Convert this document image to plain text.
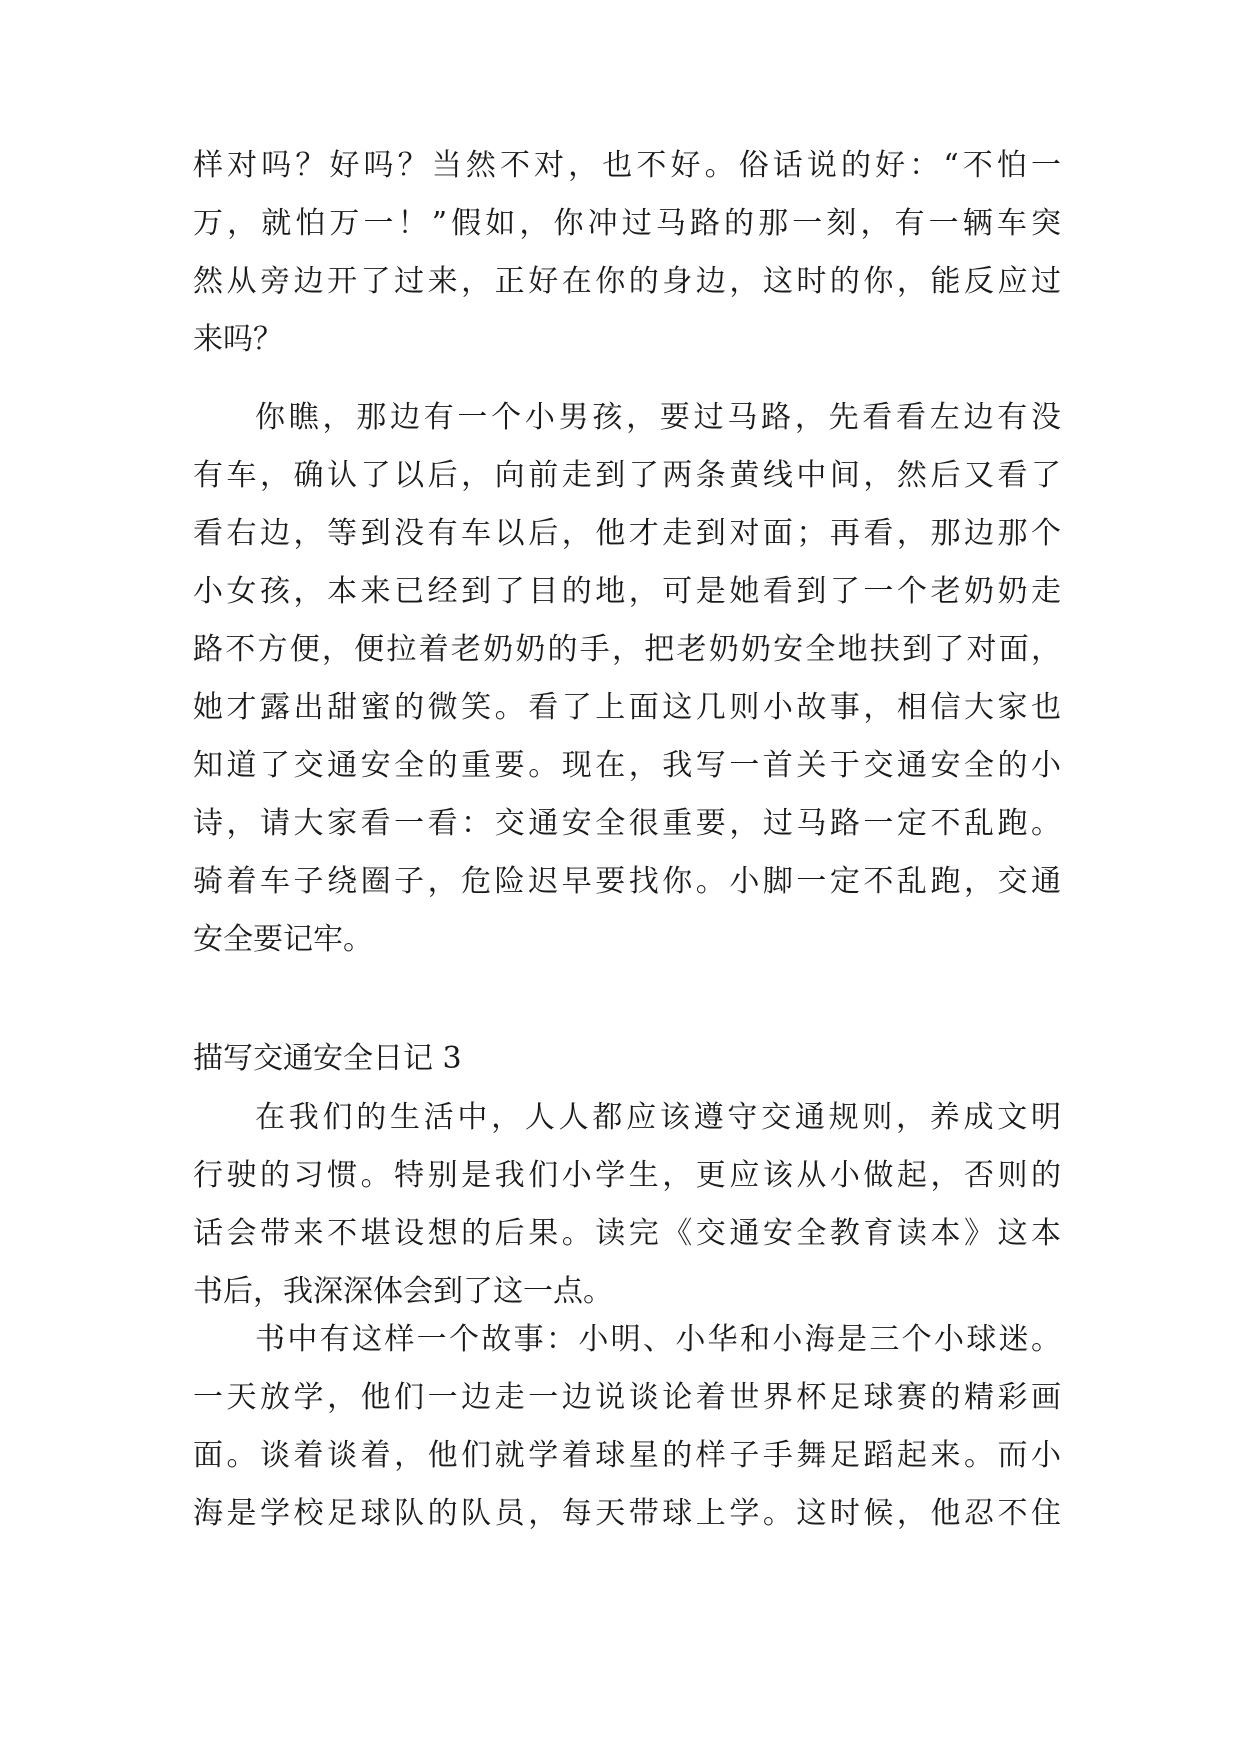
样对吗？好吗？当然不对，也不好。俗话说的好：“不怕一
万，就怕万一！”假如，你冲过马路的那一刻，有一辆车突
然从旁边开了过来，正好在你的身边，这时的你，能反应过
来吗？
你瞧，那边有一个小男孩，要过马路，先看看左边有没
有车，确认了以后，向前走到了两条黄线中间，然后又看了
看右边，等到没有车以后，他才走到对面；再看，那边那个
小女孩，本来已经到了目的地，可是她看到了一个老奶奶走
路不方便，便拉着老奶奶的手，把老奶奶安全地扶到了对面，
她才露出甜蜜的微笑。看了上面这几则小故事，相信大家也
知道了交通安全的重要。现在，我写一首关于交通安全的小
诗，请大家看一看：交通安全很重要，过马路一定不乱跑。
骑着车子绕圈子，危险迟早要找你。小脚一定不乱跑，交通
安全要记牢。
描写交通安全日记 3
在我们的生活中，人人都应该遵守交通规则，养成文明
行驶的习惯。特别是我们小学生，更应该从小做起，否则的
话会带来不堪设想的后果。读完《交通安全教育读本》这本
书后，我深深体会到了这一点。
书中有这样一个故事：小明、小华和小海是三个小球迷。
一天放学，他们一边走一边说谈论着世界杯足球赛的精彩画
面。谈着谈着，他们就学着球星的样子手舞足蹈起来。而小
海是学校足球队的队员，每天带球上学。这时候，他忍不住
